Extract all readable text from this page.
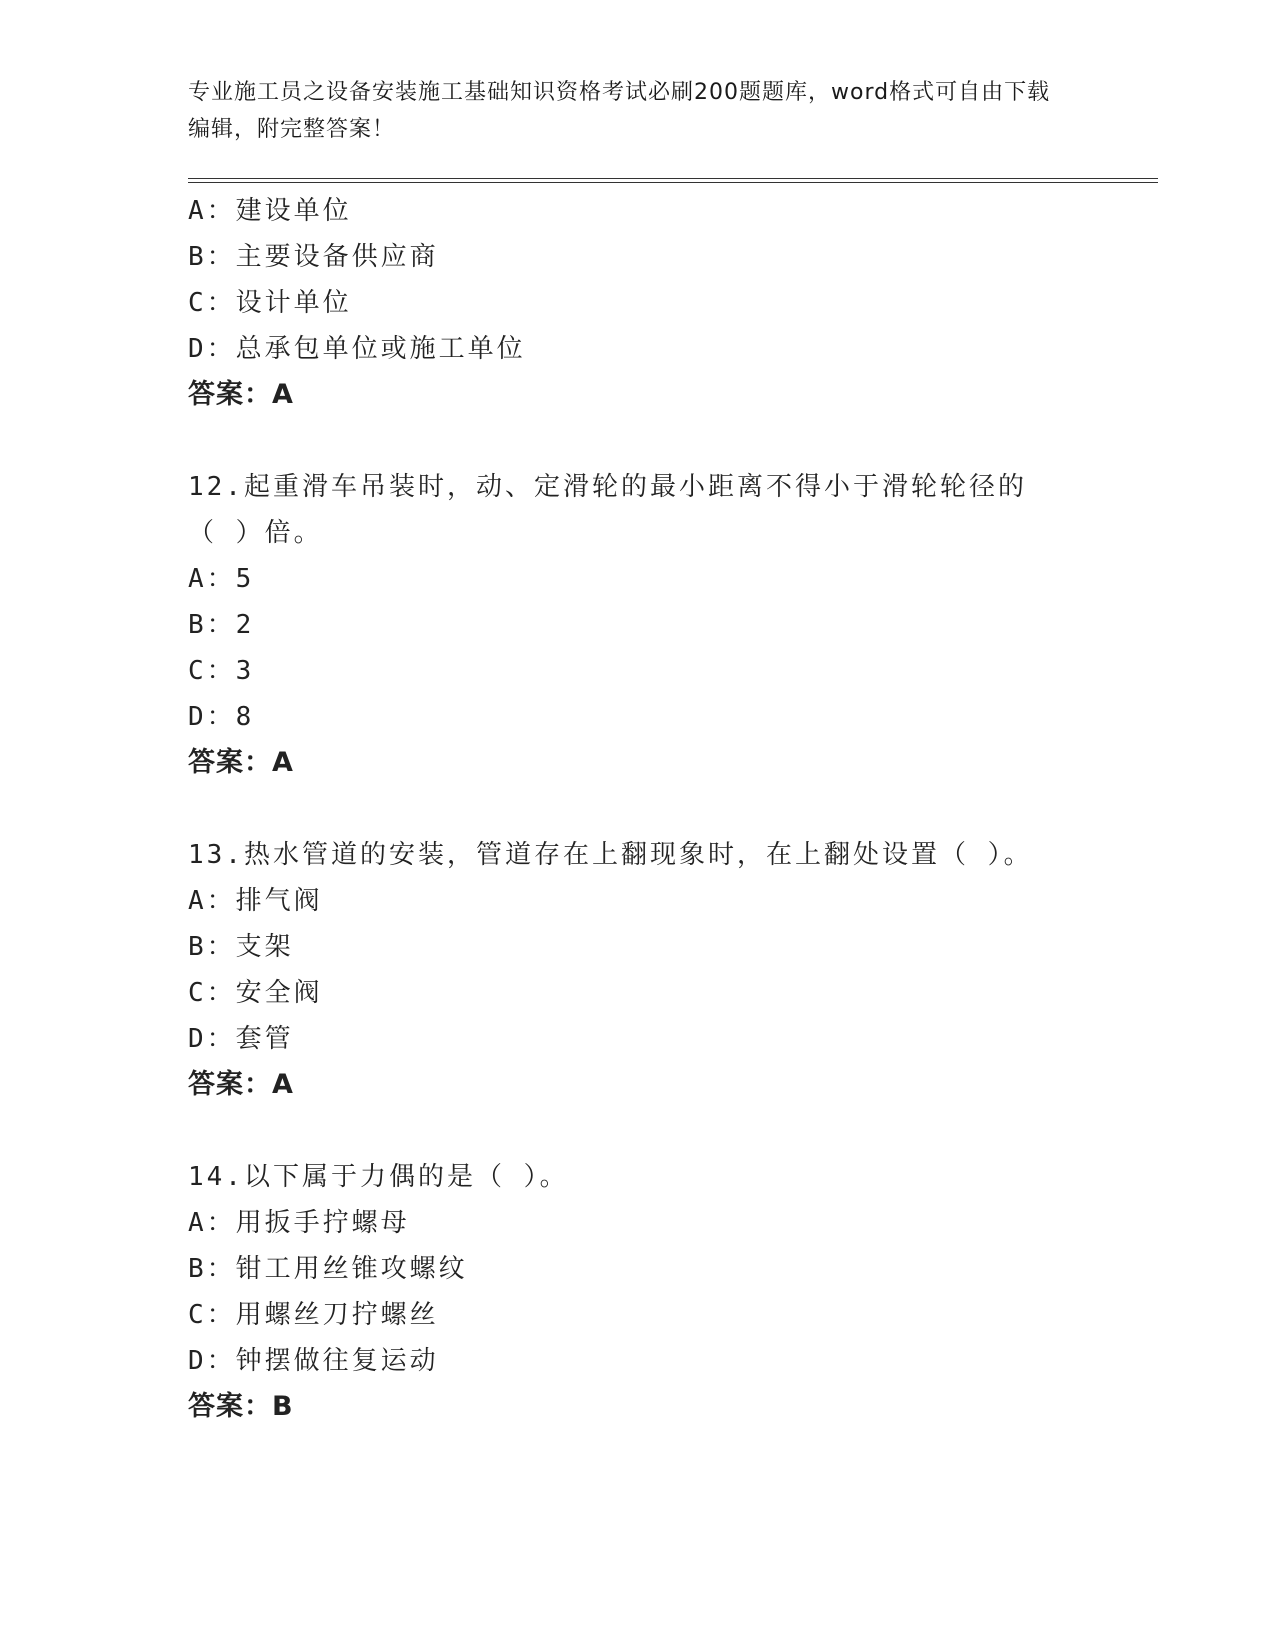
专业施工员之设备安装施工基础知识资格考试必刷200题题库，word格式可自由下载编辑，附完整答案！
A：建设单位
B：主要设备供应商
C：设计单位
D：总承包单位或施工单位
答案：A
12.起重滑车吊装时，动、定滑轮的最小距离不得小于滑轮轮径的（ ）倍。
A：5
B：2
C：3
D：8
答案：A
13.热水管道的安装，管道存在上翻现象时，在上翻处设置（ ）。
A：排气阀
B：支架
C：安全阀
D：套管
答案：A
14.以下属于力偶的是（ ）。
A：用扳手拧螺母
B：钳工用丝锥攻螺纹
C：用螺丝刀拧螺丝
D：钟摆做往复运动
答案：B
